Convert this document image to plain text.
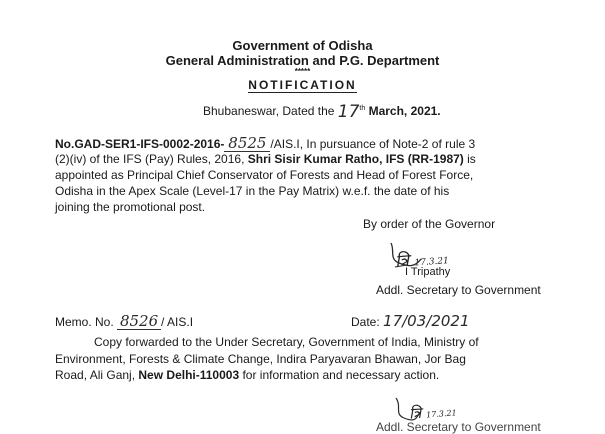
Government of Odisha
General Administration and P.G. Department
*****
NOTIFICATION
Bhubaneswar, Dated the 17th March, 2021.
No.GAD-SER1-IFS-0002-2016- 8525 /AIS.I, In pursuance of Note-2 of rule 3
(2)(iv) of the IFS (Pay) Rules, 2016, Shri Sisir Kumar Ratho, IFS (RR-1987) is
appointed as Principal Chief Conservator of Forests and Head of Forest Force,
Odisha in the Apex Scale (Level-17 in the Pay Matrix) w.e.f. the date of his
joining the promotional post.
By order of the Governor
त्रि 17.3.21
I Tripathy
Addl. Secretary to Government
Memo. No. 8526 / AIS.I	Date: 17/03/2021
Copy forwarded to the Under Secretary, Government of India, Ministry of
Environment, Forests & Climate Change, Indira Paryavaran Bhawan, Jor Bag
Road, Ali Ganj, New Delhi-110003 for information and necessary action.
त्रि 17.3.21
Addl. Secretary to Government
